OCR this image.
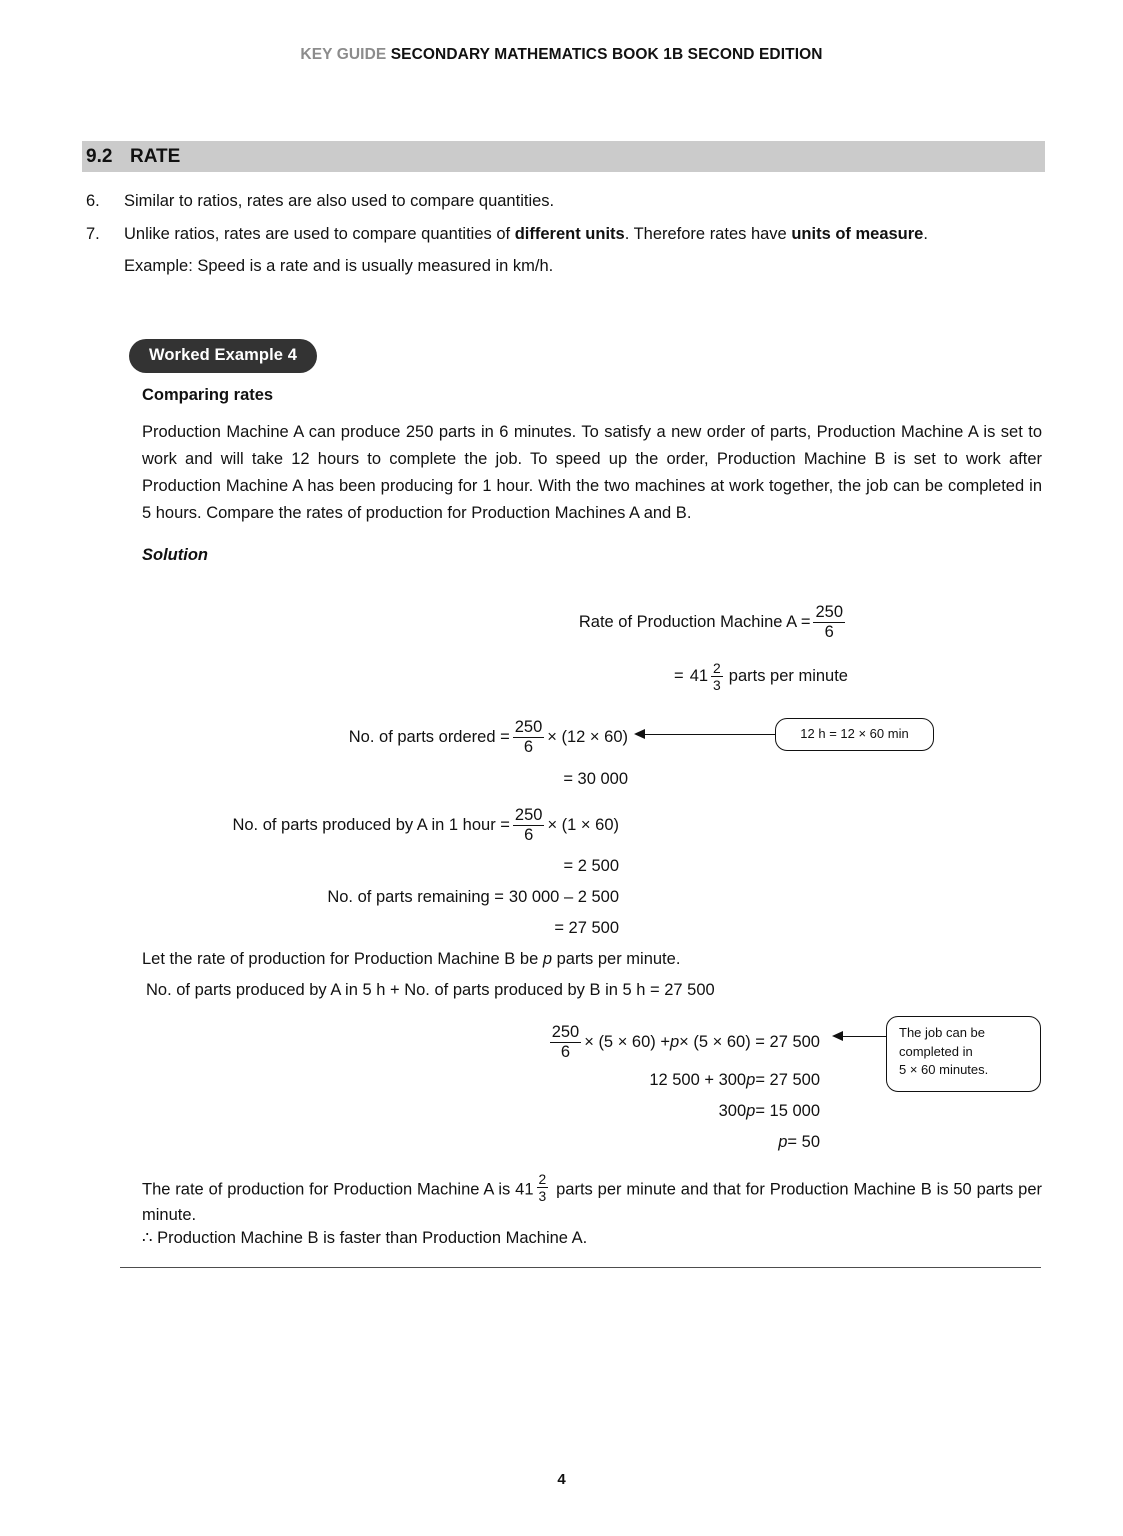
KEY GUIDE SECONDARY MATHEMATICS BOOK 1B SECOND EDITION
9.2 RATE
6.	Similar to ratios, rates are also used to compare quantities.
7.	Unlike ratios, rates are used to compare quantities of different units. Therefore rates have units of measure.
Example: Speed is a rate and is usually measured in km/h.
Worked Example 4
Comparing rates
Production Machine A can produce 250 parts in 6 minutes. To satisfy a new order of parts, Production Machine A is set to work and will take 12 hours to complete the job. To speed up the order, Production Machine B is set to work after Production Machine A has been producing for 1 hour. With the two machines at work together, the job can be completed in 5 hours. Compare the rates of production for Production Machines A and B.
Solution
Rate of Production Machine $A = \frac{250}{6}$
= $41 \frac{2}{3}$ parts per minute
No. of parts ordered = $\frac{250}{6} \times (12 \times 60)$	12 h = 12 × 60 min
= 30 000
No. of parts produced by A in 1 hour = $\frac{250}{6} \times (1 \times 60)$
= 2 500
No. of parts remaining = 30 000 – 2 500
= 27 500
Let the rate of production for Production Machine B be p parts per minute.
No. of parts produced by A in 5 h + No. of parts produced by B in 5 h = 27 500
$\frac{250}{6} \times (5 \times 60) + p \times (5 \times 60) = 27$ 500
The job can be
completed in
5 × 60 minutes.
12 500 + 300 p = 27 500
300 p = 15 000
p = 50
The rate of production for Production Machine A is $41 \frac{2}{3}$ parts per minute and that for Production Machine B is 50 parts per minute.
∴ Production Machine B is faster than Production Machine A.
4
